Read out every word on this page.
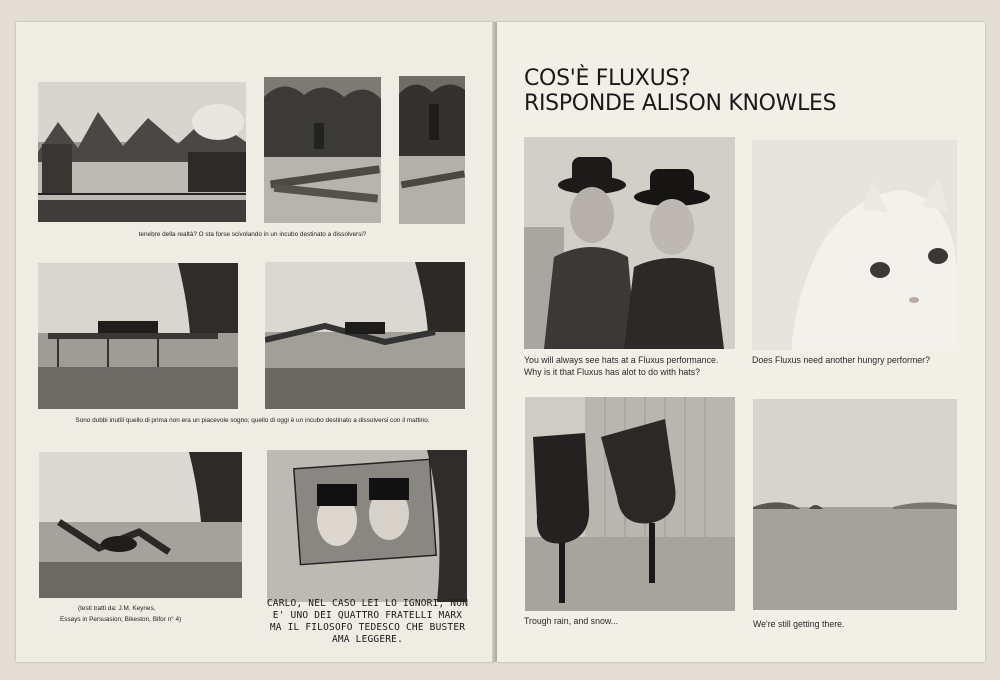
tenebre della realtà? O sta forse scivolando in un incubo destinato a dissolversi?
Sono dubbi inutili quello di prima non era un piacevole sogno; quello di oggi è un incubo destinato a dissolversi con il mattino.
(testi tratti da: J.M. Keynes,
Essays in Persuasion; Bikeston, Bifor n° 4)
CARLO, NEL CASO LEI LO IGNORI, NON
E' UNO DEI QUATTRO FRATELLI MARX
MA IL FILOSOFO TEDESCO CHE BUSTER
AMA LEGGERE.
COS'È FLUXUS?
RISPONDE ALISON KNOWLES
You will always see hats at a Fluxus performance.
Why is it that Fluxus has alot to do with hats?
Does Fluxus need another hungry performer?
Trough rain, and snow...	We're still getting there.
